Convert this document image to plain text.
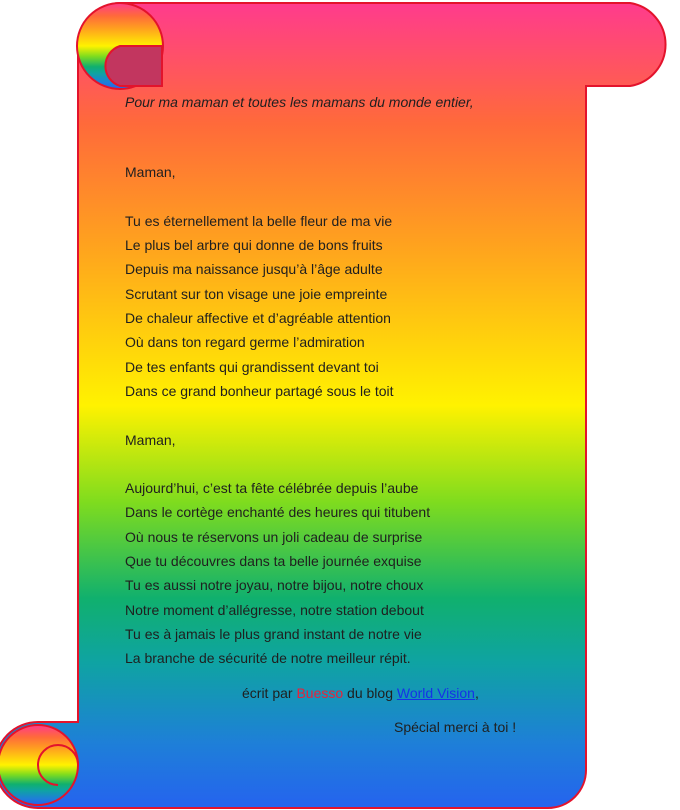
Pour ma maman et toutes les mamans du monde entier,
Maman,
Tu es éternellement la belle fleur de ma vie
Le plus bel arbre qui donne de bons fruits
Depuis ma naissance jusqu’à l’âge adulte
Scrutant sur ton visage une joie empreinte
De chaleur affective et d’agréable attention
Où dans ton regard germe l’admiration
De tes enfants qui grandissent devant toi
Dans ce grand bonheur partagé sous le toit
Maman,
Aujourd’hui, c’est ta fête célébrée depuis l’aube
Dans le cortège enchanté des heures qui titubent
Où nous te réservons un joli cadeau de surprise
Que tu découvres dans ta belle journée exquise
Tu es aussi notre joyau, notre bijou, notre choux
Notre moment d’allégresse, notre station debout
Tu es à jamais le plus grand instant de notre vie
La branche de sécurité de notre meilleur répit.
écrit par Buesso du blog World Vision,
Spécial merci à toi !
